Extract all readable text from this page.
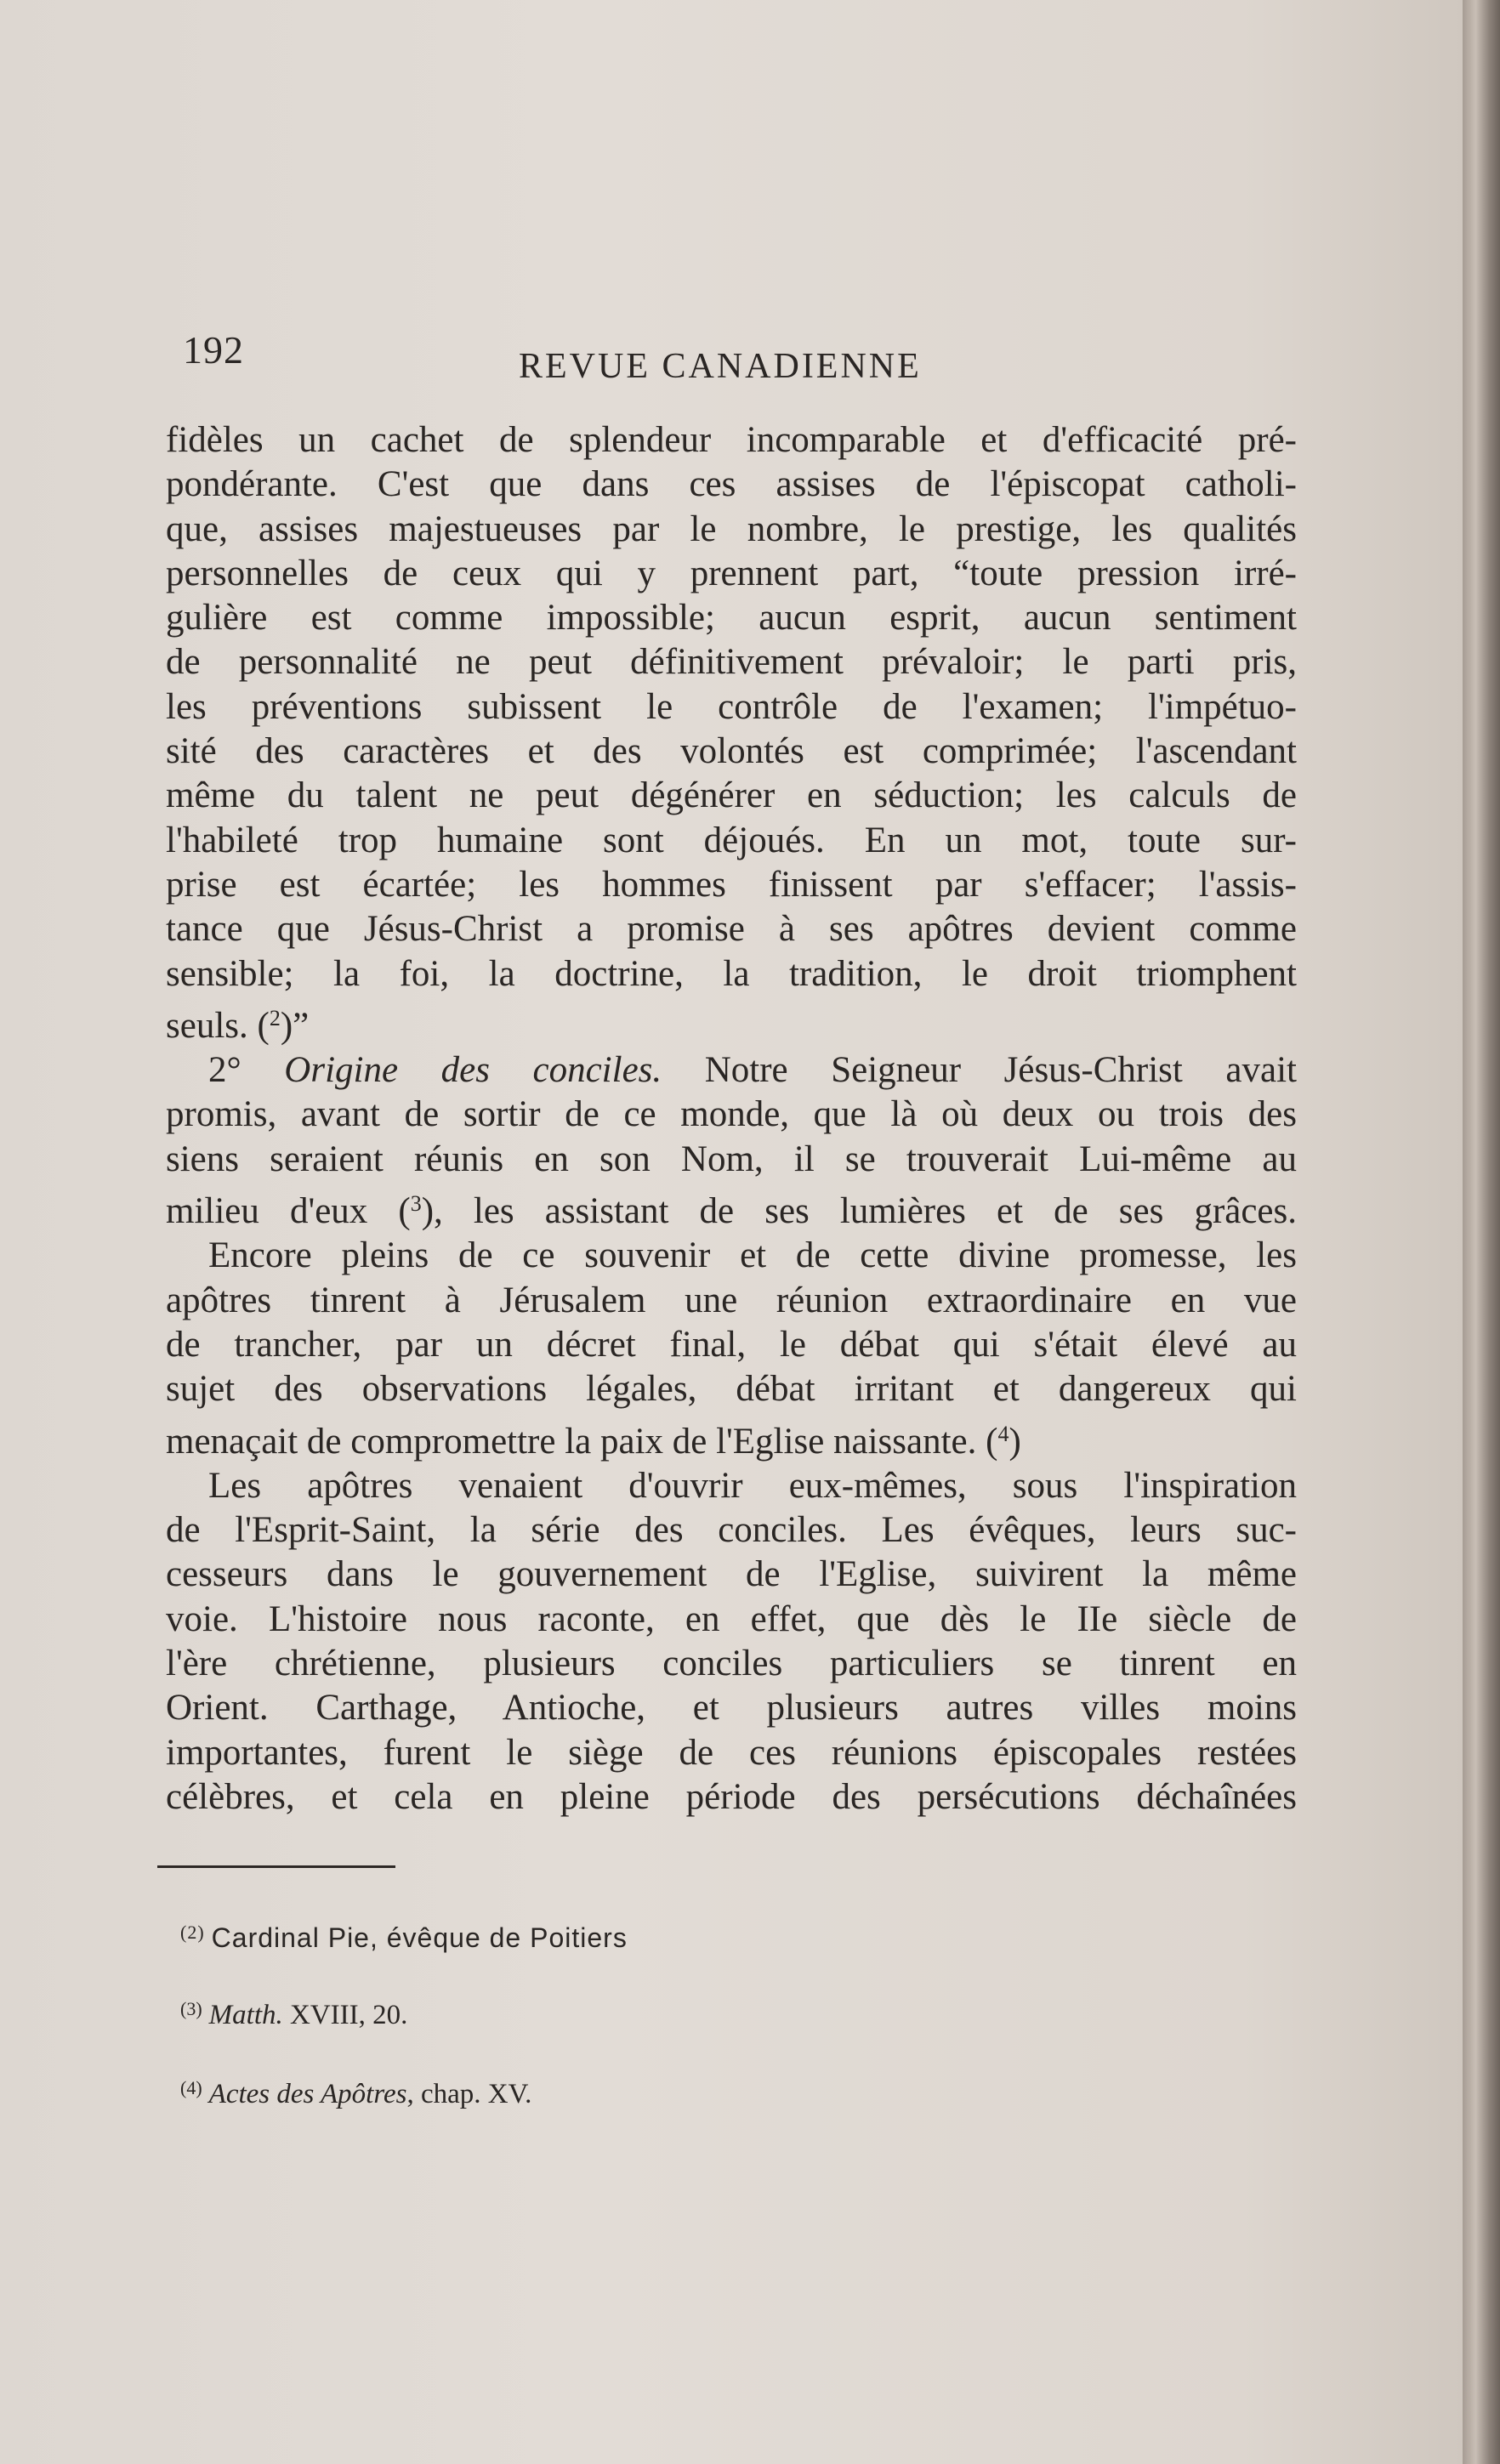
192	REVUE CANADIENNE
fidèles un cachet de splendeur incomparable et d'efficacité pré-
pondérante. C'est que dans ces assises de l'épiscopat catholi-
que, assises majestueuses par le nombre, le prestige, les qualités
personnelles de ceux qui y prennent part, “toute pression irré-
gulière est comme impossible; aucun esprit, aucun sentiment
de personnalité ne peut définitivement prévaloir; le parti pris,
les préventions subissent le contrôle de l'examen; l'impétuo-
sité des caractères et des volontés est comprimée; l'ascendant
même du talent ne peut dégénérer en séduction; les calculs de
l'habileté trop humaine sont déjoués. En un mot, toute sur-
prise est écartée; les hommes finissent par s'effacer; l'assis-
tance que Jésus-Christ a promise à ses apôtres devient comme
sensible; la foi, la doctrine, la tradition, le droit triomphent
seuls. ($^2$)”
2° Origine des conciles. Notre Seigneur Jésus-Christ avait
promis, avant de sortir de ce monde, que là où deux ou trois des
siens seraient réunis en son Nom, il se trouverait Lui-même au
milieu d'eux ($^3$), les assistant de ses lumières et de ses grâces.
Encore pleins de ce souvenir et de cette divine promesse, les
apôtres tinrent à Jérusalem une réunion extraordinaire en vue
de trancher, par un décret final, le débat qui s'était élevé au
sujet des observations légales, débat irritant et dangereux qui
menaçait de compromettre la paix de l'Eglise naissante. ($^4$)
Les apôtres venaient d'ouvrir eux-mêmes, sous l'inspiration
de l'Esprit-Saint, la série des conciles. Les évêques, leurs suc-
cesseurs dans le gouvernement de l'Eglise, suivirent la même
voie. L'histoire nous raconte, en effet, que dès le IIe siècle de
l'ère chrétienne, plusieurs conciles particuliers se tinrent en
Orient. Carthage, Antioche, et plusieurs autres villes moins
importantes, furent le siège de ces réunions épiscopales restées
célèbres, et cela en pleine période des persécutions déchaînées
$^{(2)}$ Cardinal Pie, évêque de Poitiers
$^{(3)}$ Matth. XVIII, 20.
$^{(4)}$ Actes des Apôtres, chap. XV.
